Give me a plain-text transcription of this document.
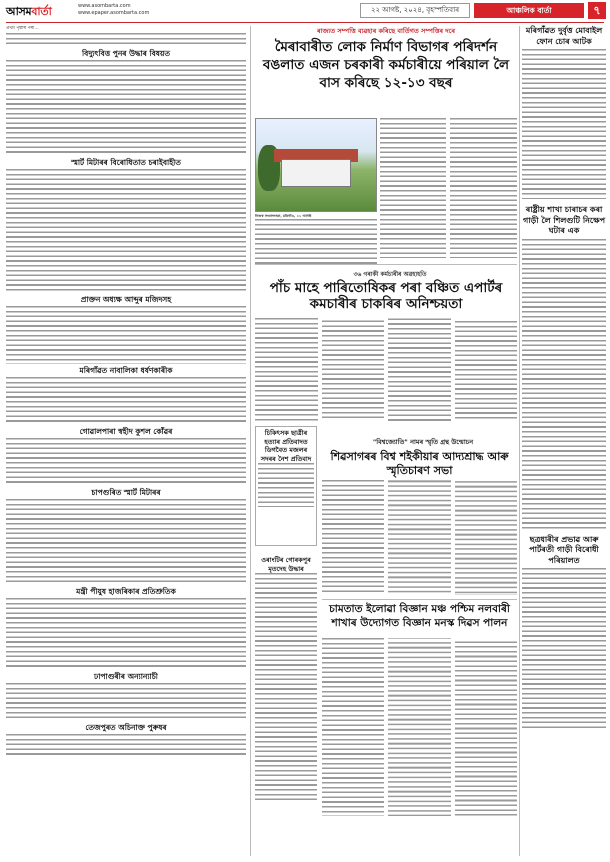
আসমবার্তা	www.asombarta.com
www.epaper.asombarta.com	২২ আগষ্ট, ২০২৪, বৃহস্পতিবাৰ	আঞ্চলিক বাৰ্তা	৭
প্ৰথম পৃষ্ঠাৰ পৰা...
বিদ্যুৎবিত্ত পুনৰ উদ্ধাৰ বিষয়ত
স্মাৰ্ট মিটাৰৰ বিৰোধিতাত চৰাইবাহীত
প্ৰাক্তন অধ্যক্ষ আব্দুৰ মজিদসহ
মৰিগাঁৱত নাবালিকা ধৰ্ষণকাৰীক
গোৱালপাৰা স্বহীদ কুশল কোঁৱৰ
চাপগুৰিত স্মাৰ্ট মিটাৰৰ
মন্ত্ৰী পীযুষ হাজৰিকাৰ প্ৰতিশ্ৰুতিক
ঢাপাগুৰীৰ অন্যান্যাচী
তেজপুৰত অচিনাক্ত পুৰুষৰ
ৰাজ্যত সম্পত্তি ব্যৱহাৰ কৰিছে বাৰ্তিগত সম্পত্তিৰ দৰে
মৈৰাবাৰীত লোক নিৰ্মাণ বিভাগৰ পৰিদৰ্শন বঙলাত এজন চৰকাৰী কৰ্মচাৰীয়ে পৰিয়াল লৈ বাস কৰিছে ১২-১৩ বছৰ
নিজস্ব সংবাদদাতা, মৰিগাঁও, ২১ আগষ্ট
৩৬ গৰাকী কৰ্মচাৰীৰ অৱহাহতি
পাঁচ মাহে পাৰিতোষিকৰ পৰা বঞ্চিত এপাৰ্টৰ কমচাৰীৰ চাকৰিৰ অনিশ্চয়তা
চিকিৎসক ছাত্ৰীৰ হত্যাৰ প্ৰতিবাদত ডিগবৈত মজলৰ সদৰৰ নৈশ প্ৰতিবাদ
"বিশ্বজ্যোতি" নামৰ স্মৃতি গ্ৰন্থ উন্মোচন
শিৱসাগৰৰ বিশ্ব শইকীয়াৰ আদ্যশ্ৰাদ্ধ আৰু স্মৃতিচাৰণ সভা
ওৰাংটিৰ গোৰকপুৰ মৃতদেহ উদ্ধাৰ
চামতাত ইলোৱা বিজ্ঞান মঞ্চ পশ্চিম নলবাৰী শাখাৰ উদ্যোগত বিজ্ঞান মনস্ক দিৱস পালন
মৰিগাঁৱত দুৰ্বৃত্ত মোবাইল ফোন চোৰ আটক
ৰাষ্ট্ৰীয় শাখা চাৰাচৰ কৰা গাড়ী লৈ শিলগুটি নিক্ষেপ ঘটাৰ এক
ছত্ৰধাৰীৰ প্ৰভাৱ আৰু পাৰ্টৰতী গাড়ী বিৰোধী পৰিয়ালত
